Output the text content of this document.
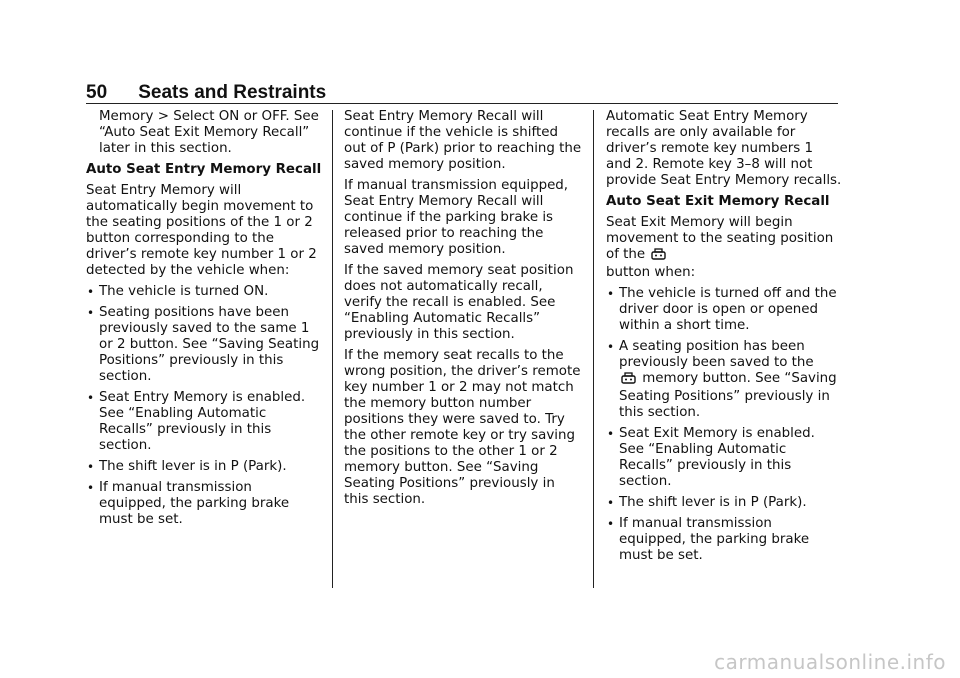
50 Seats and Restraints

Memory > Select ON or OFF. See “Auto Seat Exit Memory Recall” later in this section.

Auto Seat Entry Memory Recall

Seat Entry Memory will automatically begin movement to the seating positions of the 1 or 2 button corresponding to the driver’s remote key number 1 or 2 detected by the vehicle when:

• The vehicle is turned ON.
• Seating positions have been previously saved to the same 1 or 2 button. See “Saving Seating Positions” previously in this section.
• Seat Entry Memory is enabled. See “Enabling Automatic Recalls” previously in this section.
• The shift lever is in P (Park).
• If manual transmission equipped, the parking brake must be set.

Seat Entry Memory Recall will continue if the vehicle is shifted out of P (Park) prior to reaching the saved memory position.

If manual transmission equipped, Seat Entry Memory Recall will continue if the parking brake is released prior to reaching the saved memory position.

If the saved memory seat position does not automatically recall, verify the recall is enabled. See “Enabling Automatic Recalls” previously in this section.

If the memory seat recalls to the wrong position, the driver’s remote key number 1 or 2 may not match the memory button number positions they were saved to. Try the other remote key or try saving the positions to the other 1 or 2 memory button. See “Saving Seating Positions” previously in this section.

Automatic Seat Entry Memory recalls are only available for driver’s remote key numbers 1 and 2. Remote key 3–8 will not provide Seat Entry Memory recalls.

Auto Seat Exit Memory Recall

Seat Exit Memory will begin movement to the seating position of the
button when:

• The vehicle is turned off and the driver door is open or opened within a short time.
• A seating position has been previously been saved to the
memory button. See “Saving Seating Positions” previously in this section.
• Seat Exit Memory is enabled. See “Enabling Automatic Recalls” previously in this section.
• The shift lever is in P (Park).
• If manual transmission equipped, the parking brake must be set.
carmanualsonline.info
